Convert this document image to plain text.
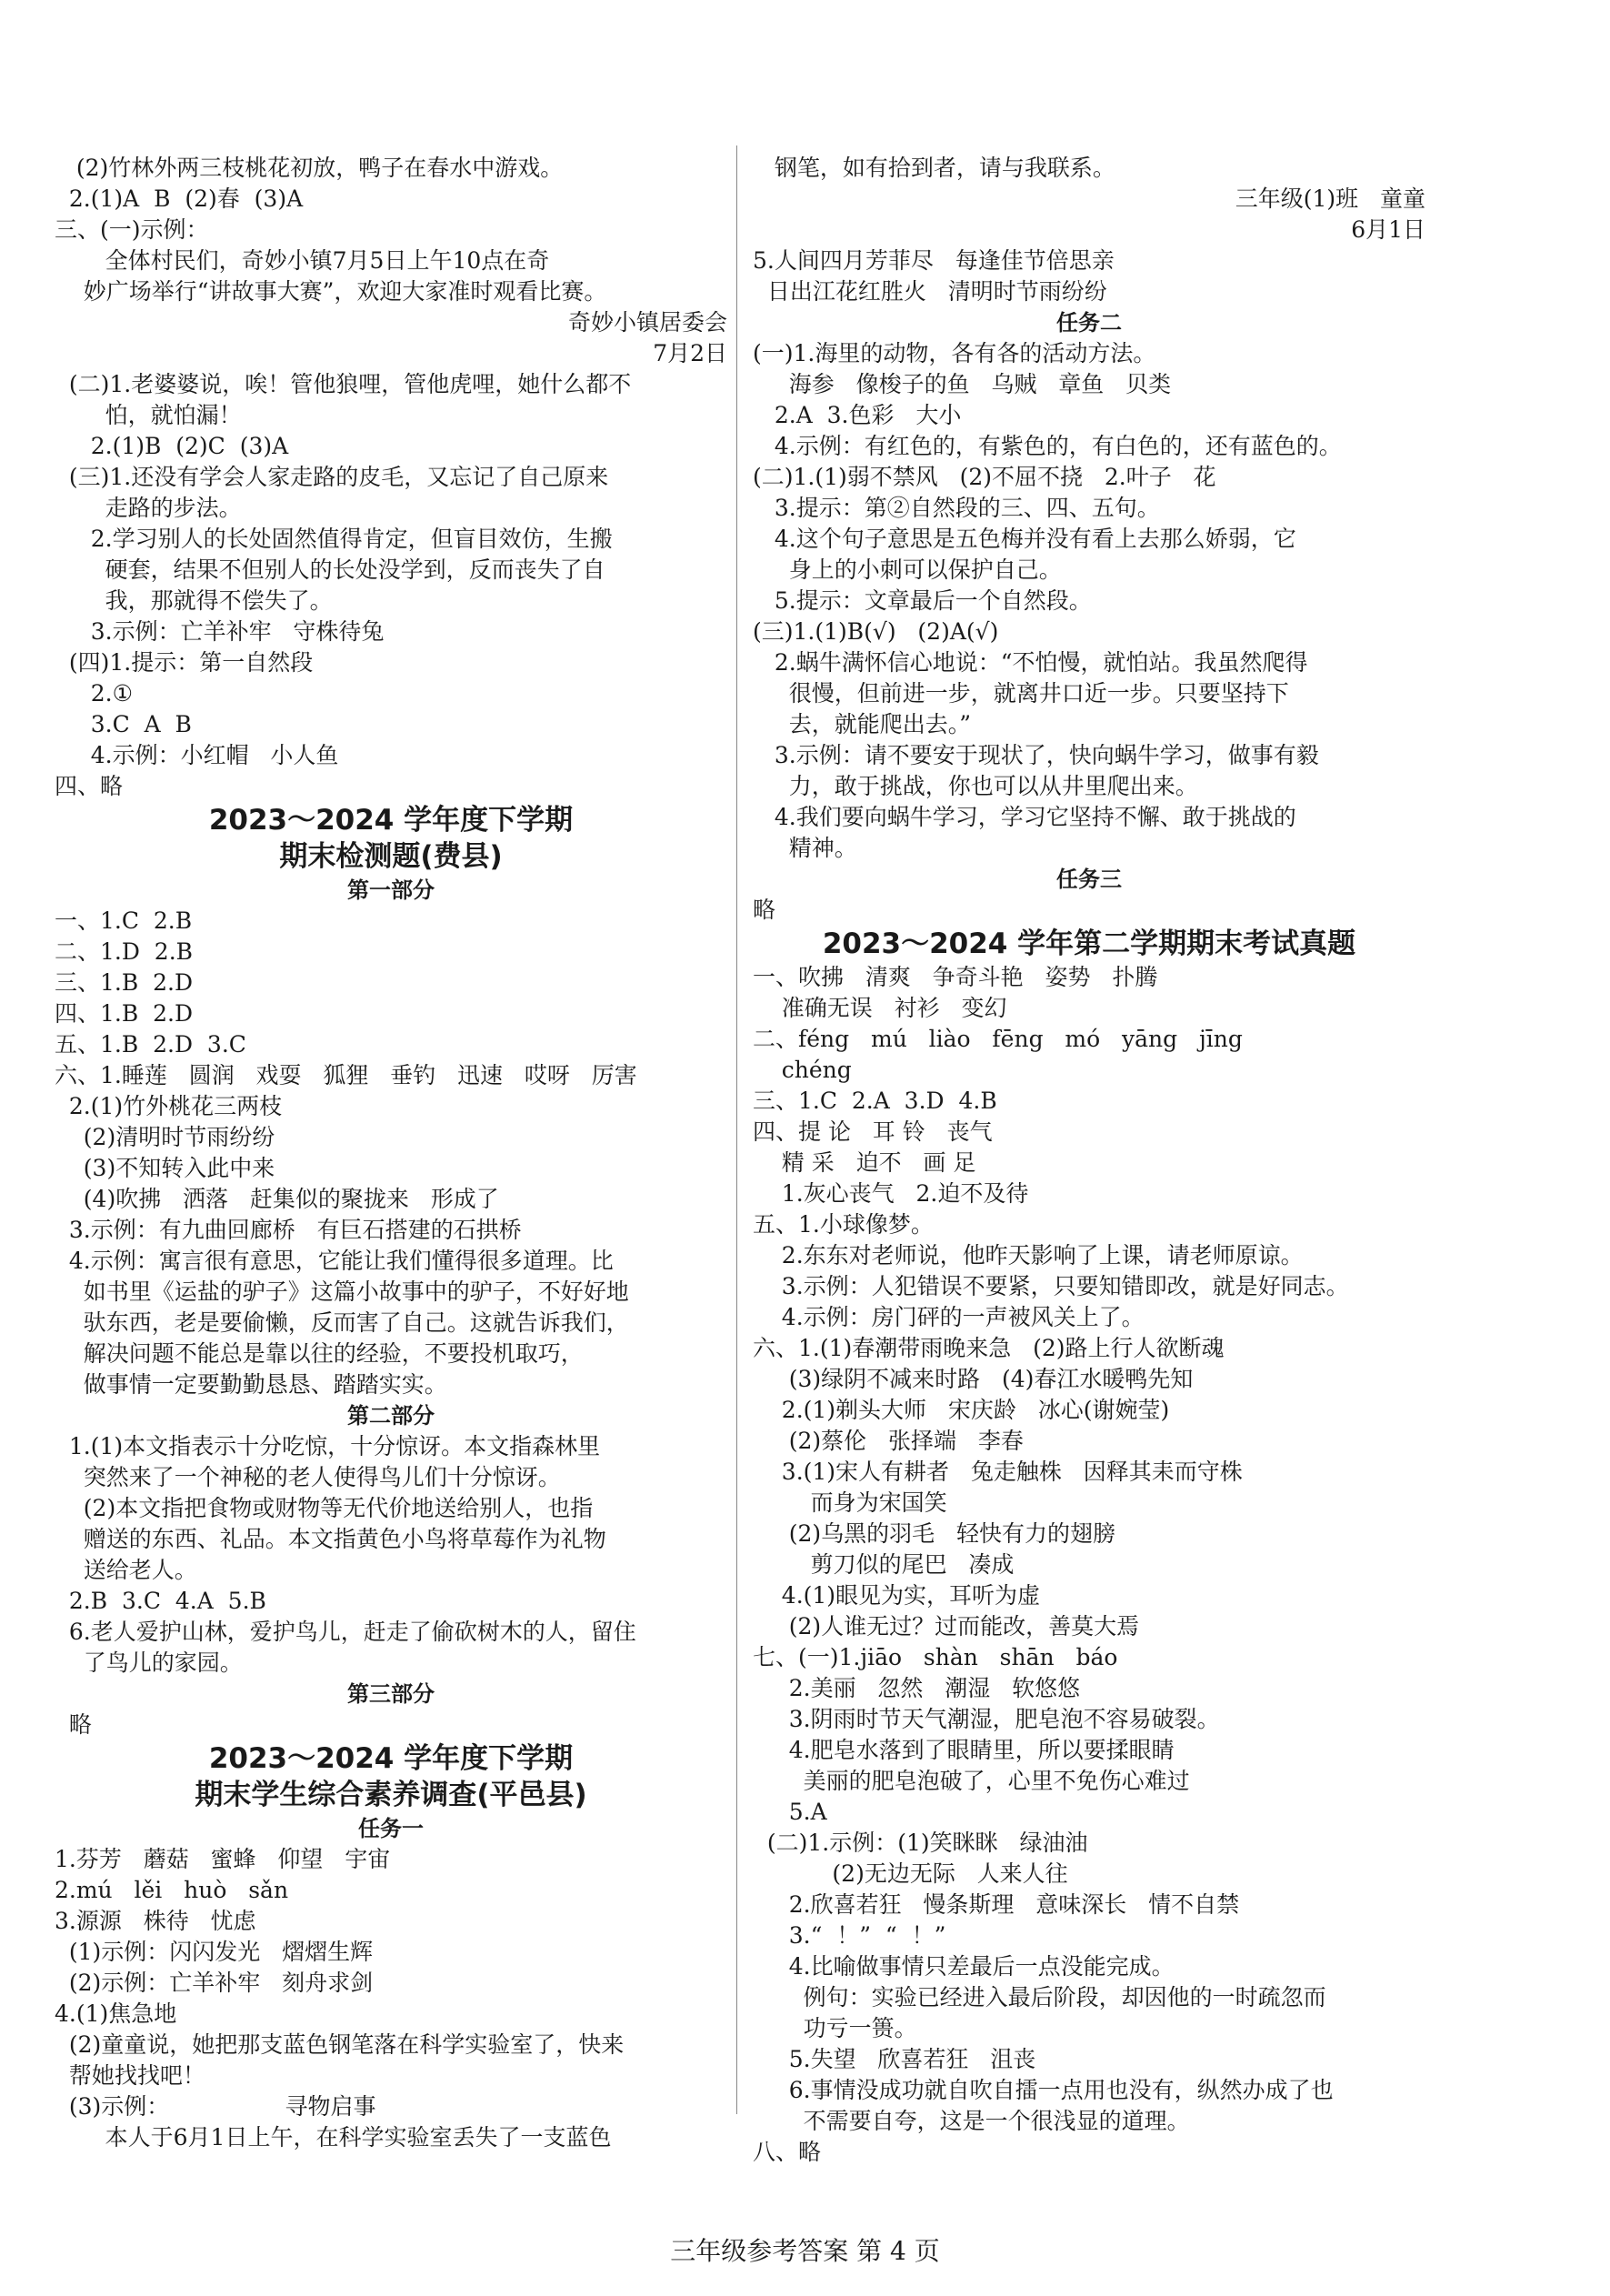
(2)竹林外两三枝桃花初放，鸭子在春水中游戏。
2.(1)A  B  (2)春  (3)A
三、(一)示例：
全体村民们，奇妙小镇7月5日上午10点在奇
妙广场举行“讲故事大赛”，欢迎大家准时观看比赛。
奇妙小镇居委会
7月2日
(二)1.老婆婆说，唉！管他狼哩，管他虎哩，她什么都不
怕，就怕漏！
2.(1)B  (2)C  (3)A
(三)1.还没有学会人家走路的皮毛，又忘记了自己原来
走路的步法。
2.学习别人的长处固然值得肯定，但盲目效仿，生搬
硬套，结果不但别人的长处没学到，反而丧失了自
我，那就得不偿失了。
3.示例：亡羊补牢   守株待兔
(四)1.提示：第一自然段
2.①
3.C  A  B
4.示例：小红帽   小人鱼
四、略
2023～2024 学年度下学期
期末检测题(费县)
第一部分
一、1.C  2.B
二、1.D  2.B
三、1.B  2.D
四、1.B  2.D
五、1.B  2.D  3.C
六、1.睡莲   圆润   戏耍   狐狸   垂钓   迅速   哎呀   厉害
2.(1)竹外桃花三两枝
(2)清明时节雨纷纷
(3)不知转入此中来
(4)吹拂   洒落   赶集似的聚拢来   形成了
3.示例：有九曲回廊桥   有巨石搭建的石拱桥
4.示例：寓言很有意思，它能让我们懂得很多道理。比
如书里《运盐的驴子》这篇小故事中的驴子，不好好地
驮东西，老是要偷懒，反而害了自己。这就告诉我们，
解决问题不能总是靠以往的经验，不要投机取巧，
做事情一定要勤勤恳恳、踏踏实实。
第二部分
1.(1)本文指表示十分吃惊，十分惊讶。本文指森林里
突然来了一个神秘的老人使得鸟儿们十分惊讶。
(2)本文指把食物或财物等无代价地送给别人，也指
赠送的东西、礼品。本文指黄色小鸟将草莓作为礼物
送给老人。
2.B  3.C  4.A  5.B
6.老人爱护山林，爱护鸟儿，赶走了偷砍树木的人，留住
了鸟儿的家园。
第三部分
略
2023～2024 学年度下学期
期末学生综合素养调查(平邑县)
任务一
1.芬芳   蘑菇   蜜蜂   仰望   宇宙
2.mú   lěi   huò   sǎn
3.源源   株待   忧虑
(1)示例：闪闪发光   熠熠生辉
(2)示例：亡羊补牢   刻舟求剑
4.(1)焦急地
(2)童童说，她把那支蓝色钢笔落在科学实验室了，快来
帮她找找吧！
(3)示例：                寻物启事
本人于6月1日上午，在科学实验室丢失了一支蓝色
钢笔，如有拾到者，请与我联系。
三年级(1)班   童童
6月1日
5.人间四月芳菲尽   每逢佳节倍思亲
日出江花红胜火   清明时节雨纷纷
任务二
(一)1.海里的动物，各有各的活动方法。
海参   像梭子的鱼   乌贼   章鱼   贝类
2.A  3.色彩   大小
4.示例：有红色的，有紫色的，有白色的，还有蓝色的。
(二)1.(1)弱不禁风   (2)不屈不挠   2.叶子   花
3.提示：第②自然段的三、四、五句。
4.这个句子意思是五色梅并没有看上去那么娇弱，它
身上的小刺可以保护自己。
5.提示：文章最后一个自然段。
(三)1.(1)B(√)   (2)A(√)
2.蜗牛满怀信心地说：“不怕慢，就怕站。我虽然爬得
很慢，但前进一步，就离井口近一步。只要坚持下
去，就能爬出去。”
3.示例：请不要安于现状了，快向蜗牛学习，做事有毅
力，敢于挑战，你也可以从井里爬出来。
4.我们要向蜗牛学习，学习它坚持不懈、敢于挑战的
精神。
任务三
略
2023～2024 学年第二学期期末考试真题
一、吹拂   清爽   争奇斗艳   姿势   扑腾
准确无误   衬衫   变幻
二、féng   mú   liào   fēng   mó   yāng   jīng
chéng
三、1.C  2.A  3.D  4.B
四、提 论   耳 铃   丧气
精 采   迫不   画 足
1.灰心丧气   2.迫不及待
五、1.小球像梦。
2.东东对老师说，他昨天影响了上课，请老师原谅。
3.示例：人犯错误不要紧，只要知错即改，就是好同志。
4.示例：房门砰的一声被风关上了。
六、1.(1)春潮带雨晚来急   (2)路上行人欲断魂
(3)绿阴不减来时路   (4)春江水暖鸭先知
2.(1)剃头大师   宋庆龄   冰心(谢婉莹)
(2)蔡伦   张择端   李春
3.(1)宋人有耕者   兔走触株   因释其耒而守株
而身为宋国笑
(2)乌黑的羽毛   轻快有力的翅膀
剪刀似的尾巴   凑成
4.(1)眼见为实，耳听为虚
(2)人谁无过？过而能改，善莫大焉
七、(一)1.jiāo   shàn   shān   báo
2.美丽   忽然   潮湿   软悠悠
3.阴雨时节天气潮湿，肥皂泡不容易破裂。
4.肥皂水落到了眼睛里，所以要揉眼睛
美丽的肥皂泡破了，心里不免伤心难过
5.A
(二)1.示例：(1)笑眯眯   绿油油
(2)无边无际   人来人往
2.欣喜若狂   慢条斯理   意味深长   情不自禁
3.“  ！”  “  ！”
4.比喻做事情只差最后一点没能完成。
例句：实验已经进入最后阶段，却因他的一时疏忽而
功亏一篑。
5.失望   欣喜若狂   沮丧
6.事情没成功就自吹自擂一点用也没有，纵然办成了也
不需要自夸，这是一个很浅显的道理。
八、略
三年级参考答案 第 4 页
